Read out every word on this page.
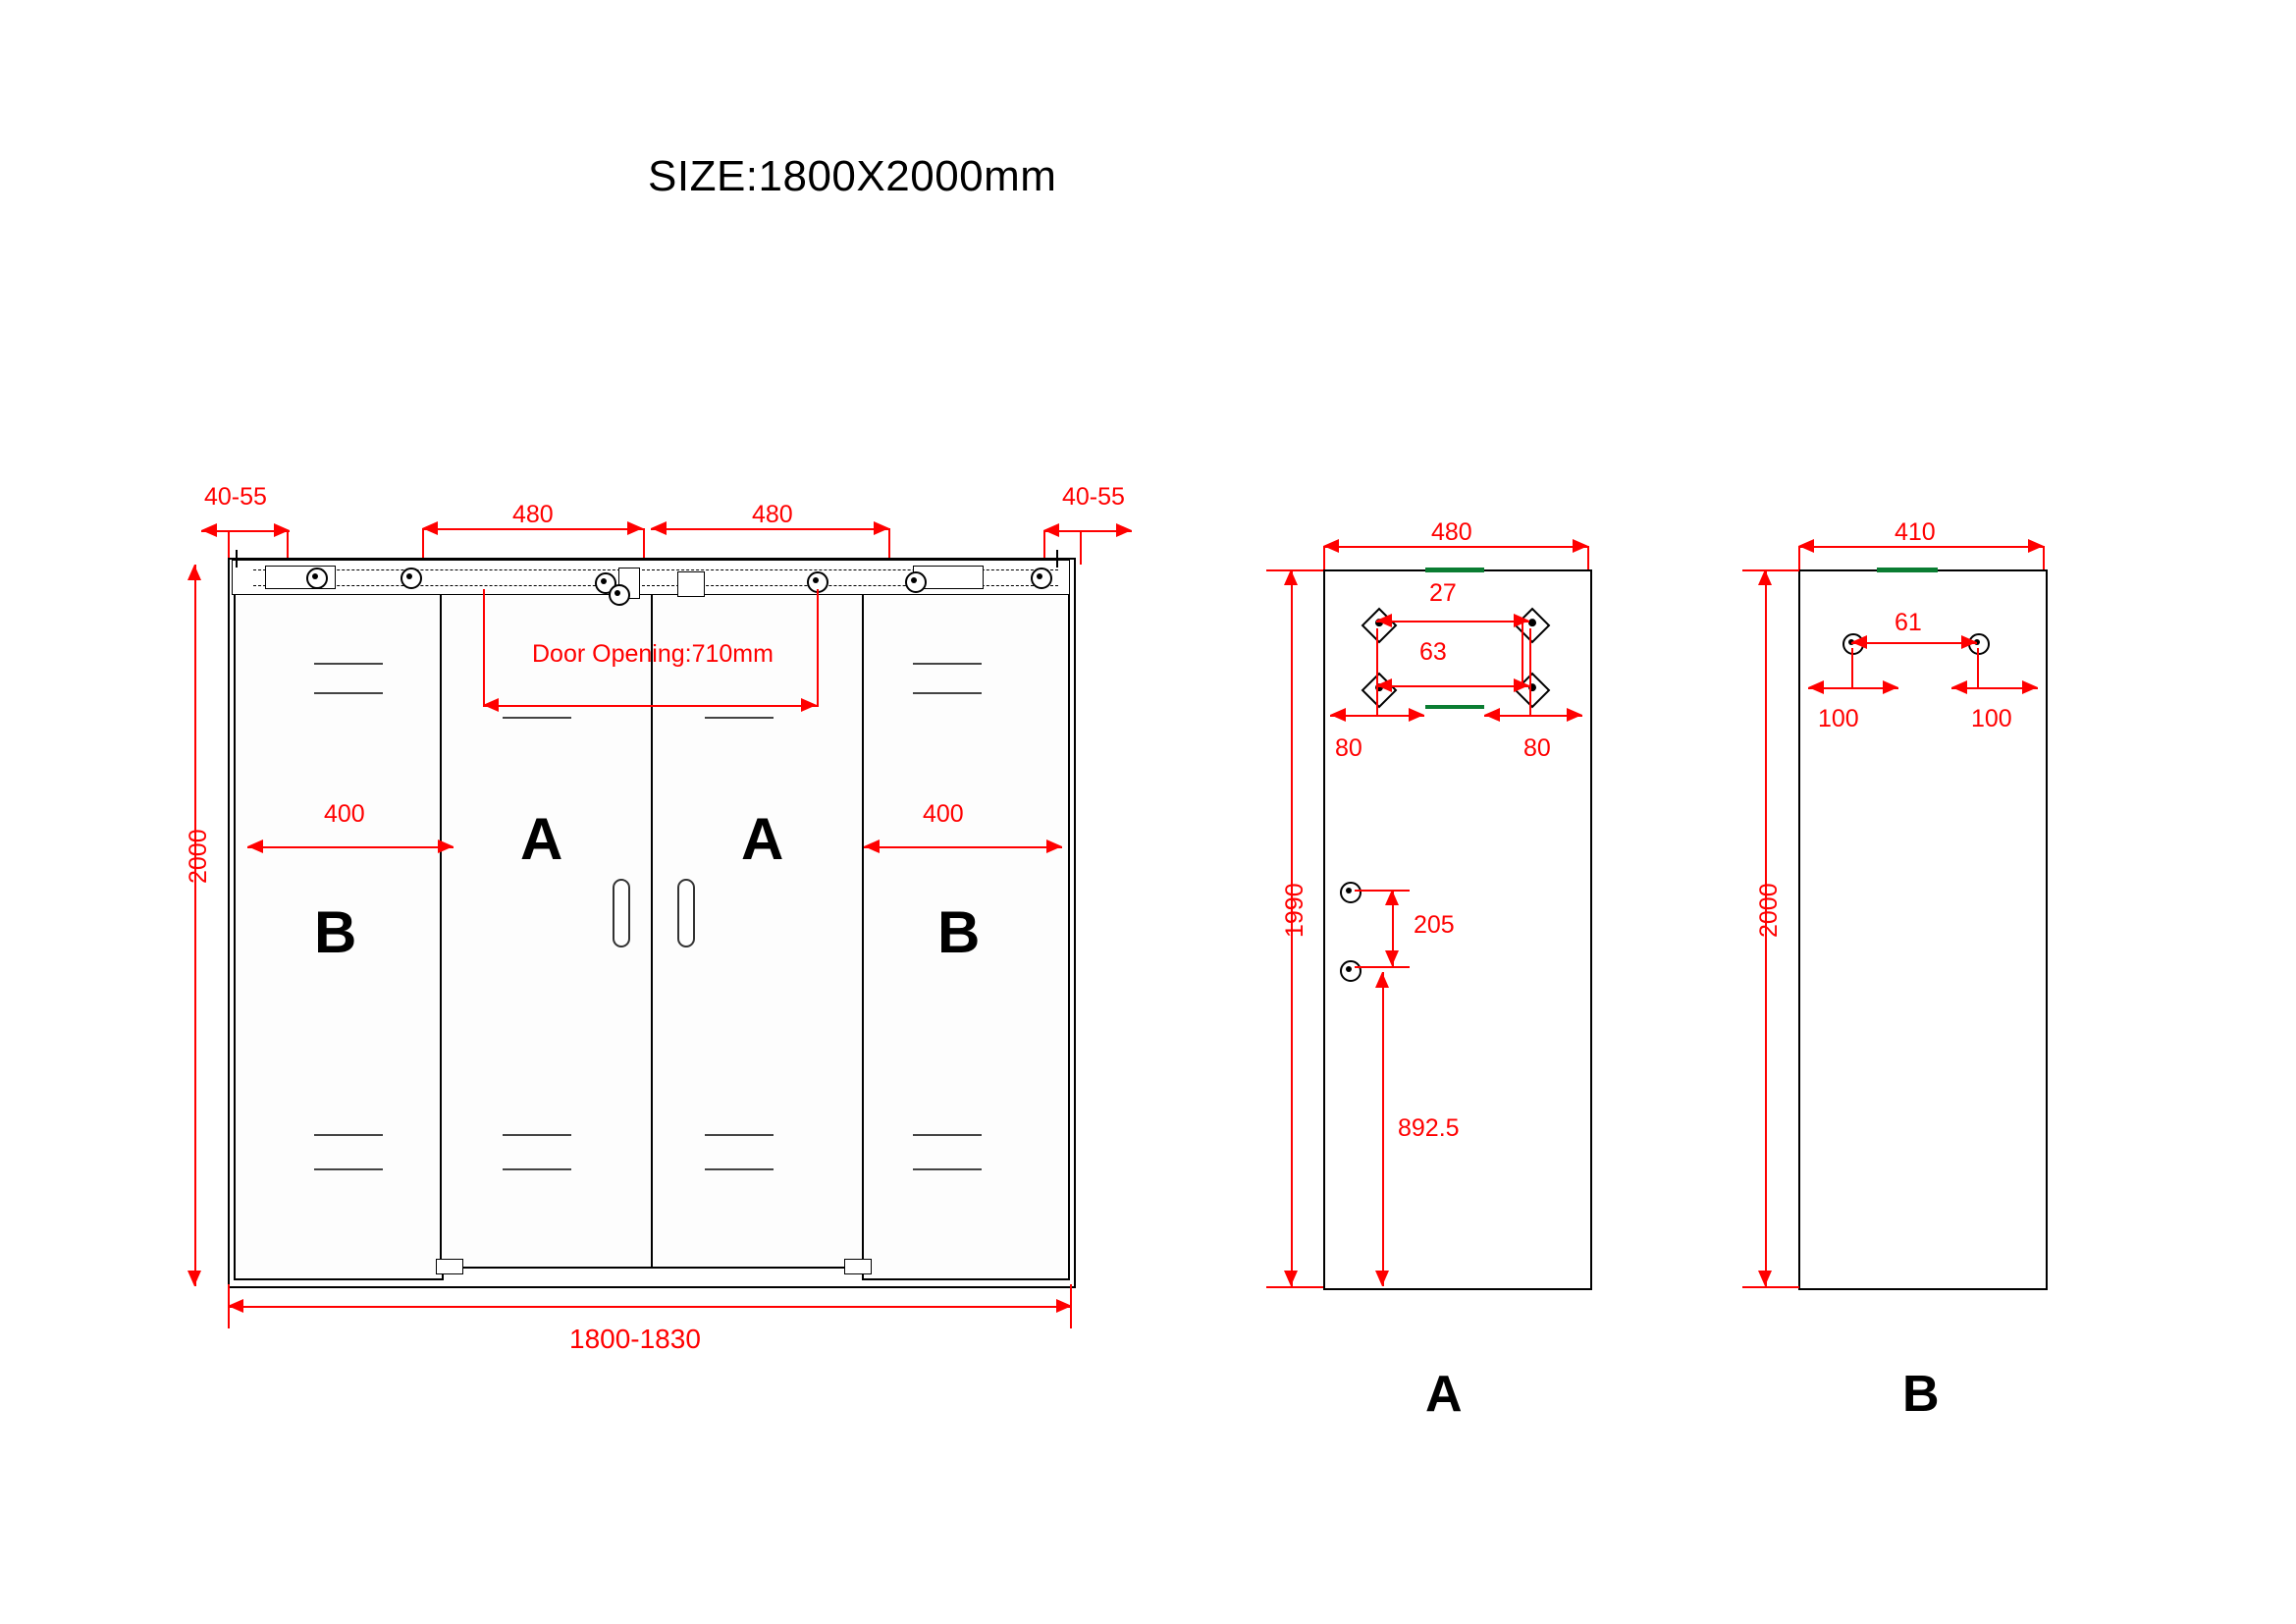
SIZE:1800X2000mm
40-55
480	480
40-55
2000
Door Opening:710mm
400	400
B
A	A
B
1800-1830
480
1990
27
63
80	80
205
892.5
A
410
2000
61
100	100
B
